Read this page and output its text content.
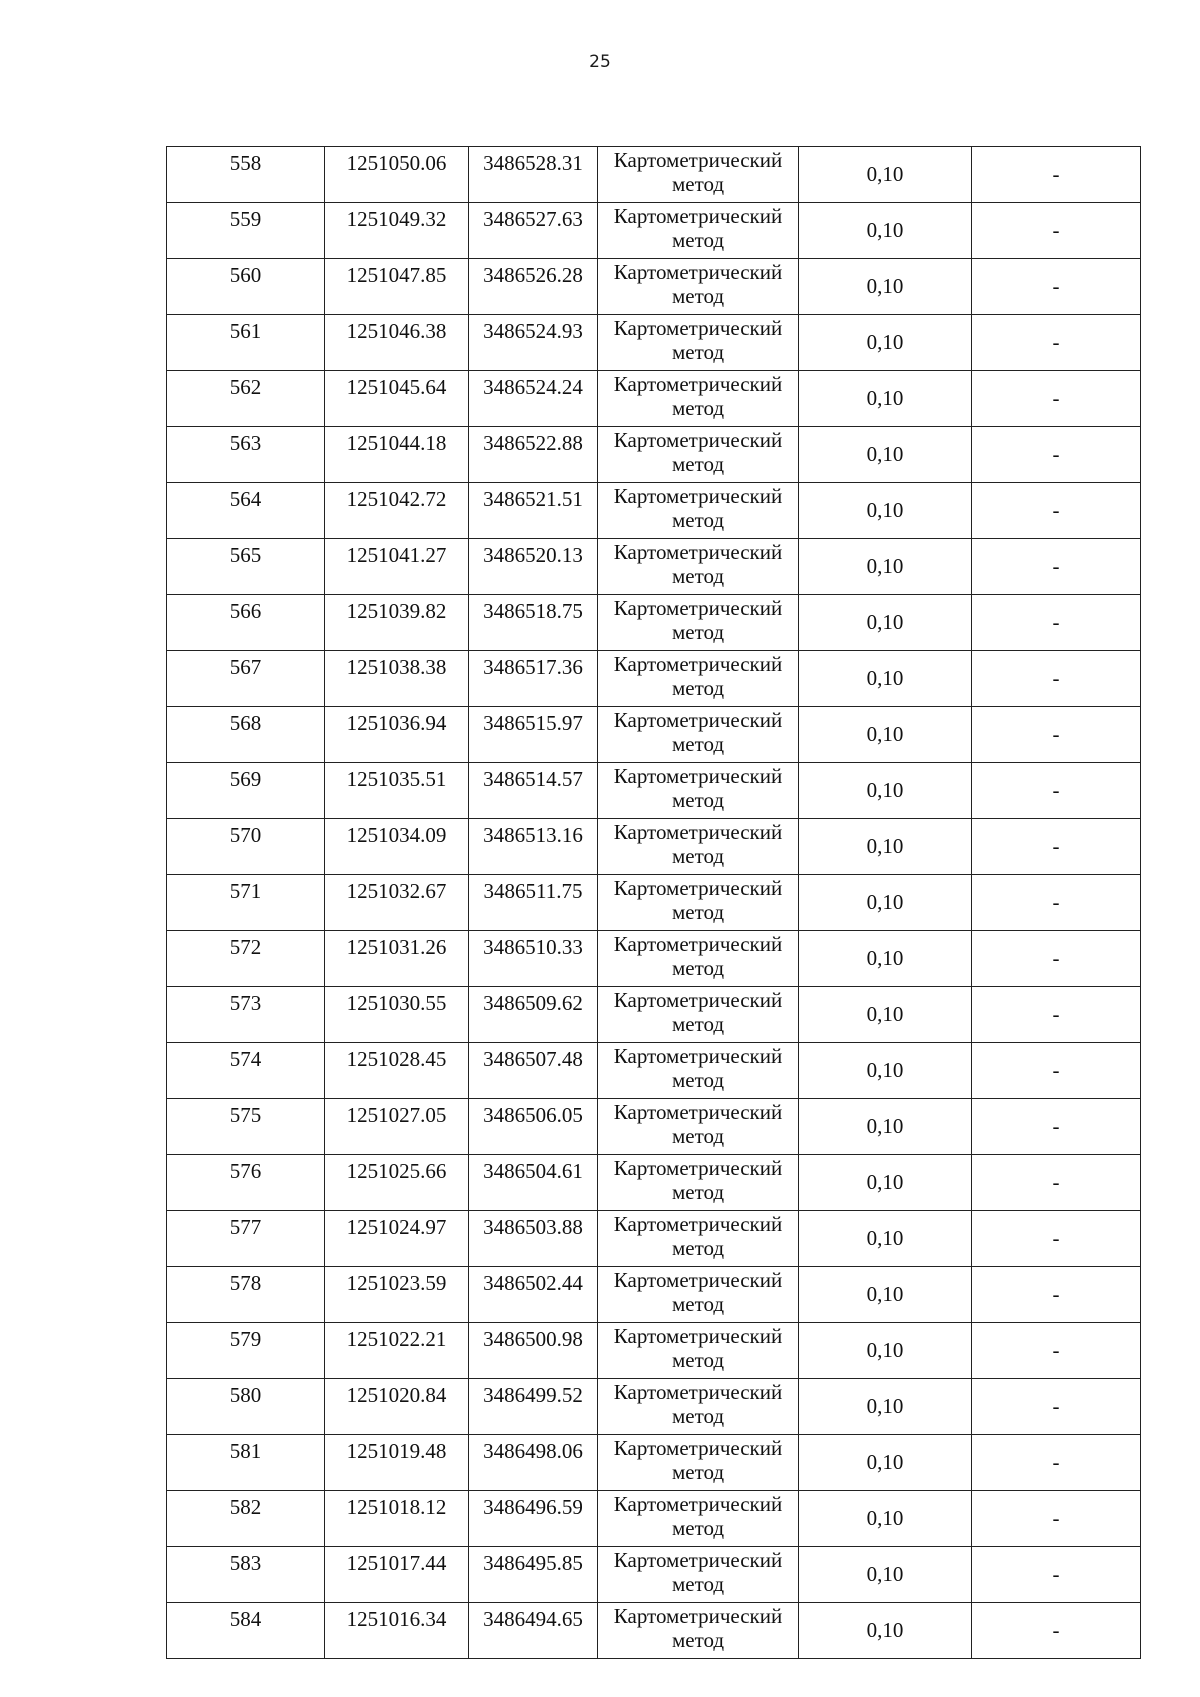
25
558	1251050.06	3486528.31	Картометрический
метод	0,10	-
559	1251049.32	3486527.63	Картометрический
метод	0,10	-
560	1251047.85	3486526.28	Картометрический
метод	0,10	-
561	1251046.38	3486524.93	Картометрический
метод	0,10	-
562	1251045.64	3486524.24	Картометрический
метод	0,10	-
563	1251044.18	3486522.88	Картометрический
метод	0,10	-
564	1251042.72	3486521.51	Картометрический
метод	0,10	-
565	1251041.27	3486520.13	Картометрический
метод	0,10	-
566	1251039.82	3486518.75	Картометрический
метод	0,10	-
567	1251038.38	3486517.36	Картометрический
метод	0,10	-
568	1251036.94	3486515.97	Картометрический
метод	0,10	-
569	1251035.51	3486514.57	Картометрический
метод	0,10	-
570	1251034.09	3486513.16	Картометрический
метод	0,10	-
571	1251032.67	3486511.75	Картометрический
метод	0,10	-
572	1251031.26	3486510.33	Картометрический
метод	0,10	-
573	1251030.55	3486509.62	Картометрический
метод	0,10	-
574	1251028.45	3486507.48	Картометрический
метод	0,10	-
575	1251027.05	3486506.05	Картометрический
метод	0,10	-
576	1251025.66	3486504.61	Картометрический
метод	0,10	-
577	1251024.97	3486503.88	Картометрический
метод	0,10	-
578	1251023.59	3486502.44	Картометрический
метод	0,10	-
579	1251022.21	3486500.98	Картометрический
метод	0,10	-
580	1251020.84	3486499.52	Картометрический
метод	0,10	-
581	1251019.48	3486498.06	Картометрический
метод	0,10	-
582	1251018.12	3486496.59	Картометрический
метод	0,10	-
583	1251017.44	3486495.85	Картометрический
метод	0,10	-
584	1251016.34	3486494.65	Картометрический
метод	0,10	-
